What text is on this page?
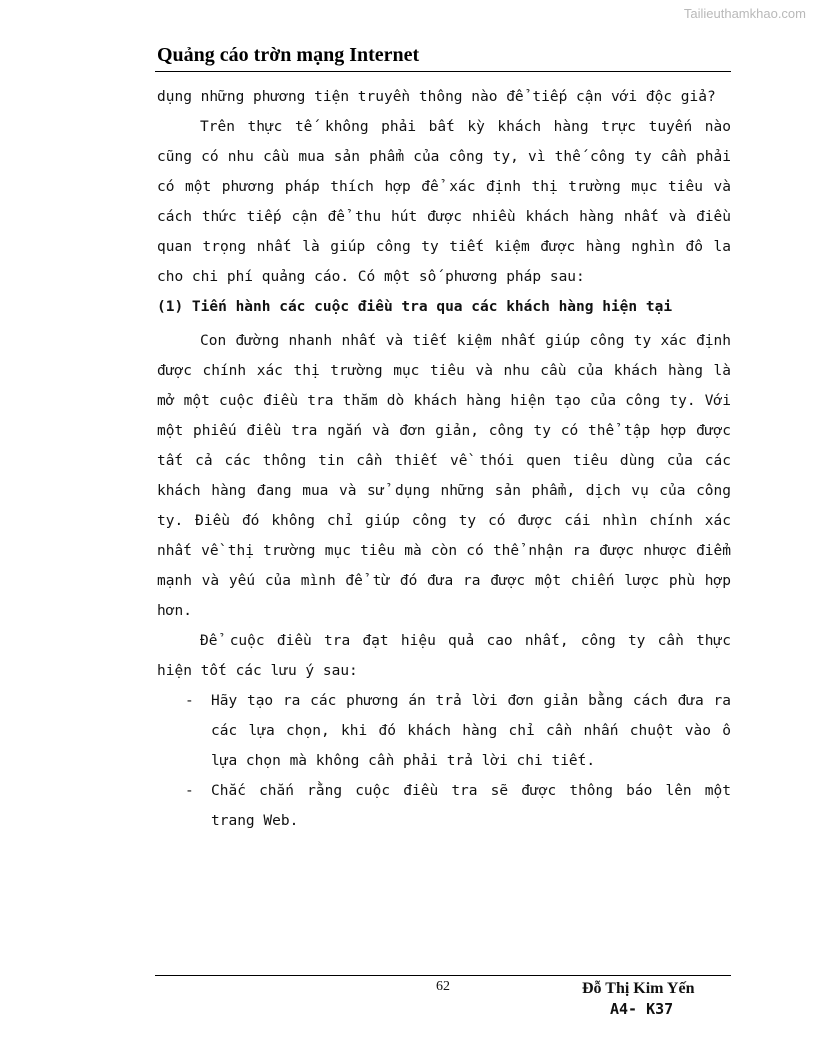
Tailieuthamkhao.com
Quảng cáo trờn mạng Internet

dụng những phương tiện truyền thông nào để tiếp cận với độc giả?

Trên thực tế không phải bất kỳ khách hàng trực tuyến nào cũng có nhu cầu mua sản phẩm của công ty, vì thế công ty cần phải có một phương pháp thích hợp để xác định thị trường mục tiêu và cách thức tiếp cận để thu hút được nhiều khách hàng nhất và điều quan trọng nhất là giúp công ty tiết kiệm được hàng nghìn đô la cho chi phí quảng cáo. Có một số phương pháp sau:

(1) Tiến hành các cuộc điều tra qua các khách hàng hiện tại

Con đường nhanh nhất và tiết kiệm nhất giúp công ty xác định được chính xác thị trường mục tiêu và nhu cầu của khách hàng là mở một cuộc điều tra thăm dò khách hàng hiện tạo của công ty. Với một phiếu điều tra ngắn và đơn giản, công ty có thể tập hợp được tất cả các thông tin cần thiết về thói quen tiêu dùng của các khách hàng đang mua và sử dụng những sản phẩm, dịch vụ của công ty. Điều đó không chỉ giúp công ty có được cái nhìn chính xác nhất về thị trường mục tiêu mà còn có thể nhận ra được nhược điểm mạnh và yếu của mình để từ đó đưa ra được một chiến lược phù hợp hơn.

Để cuộc điều tra đạt hiệu quả cao nhất, công ty cần thực hiện tốt các lưu ý sau:

- Hãy tạo ra các phương án trả lời đơn giản bằng cách đưa ra các lựa chọn, khi đó khách hàng chỉ cần nhấn chuột vào ô lựa chọn mà không cần phải trả lời chi tiết.
- Chắc chắn rằng cuộc điều tra sẽ được thông báo lên một trang Web.
62	Đỗ Thị Kim Yến
A4- K37
